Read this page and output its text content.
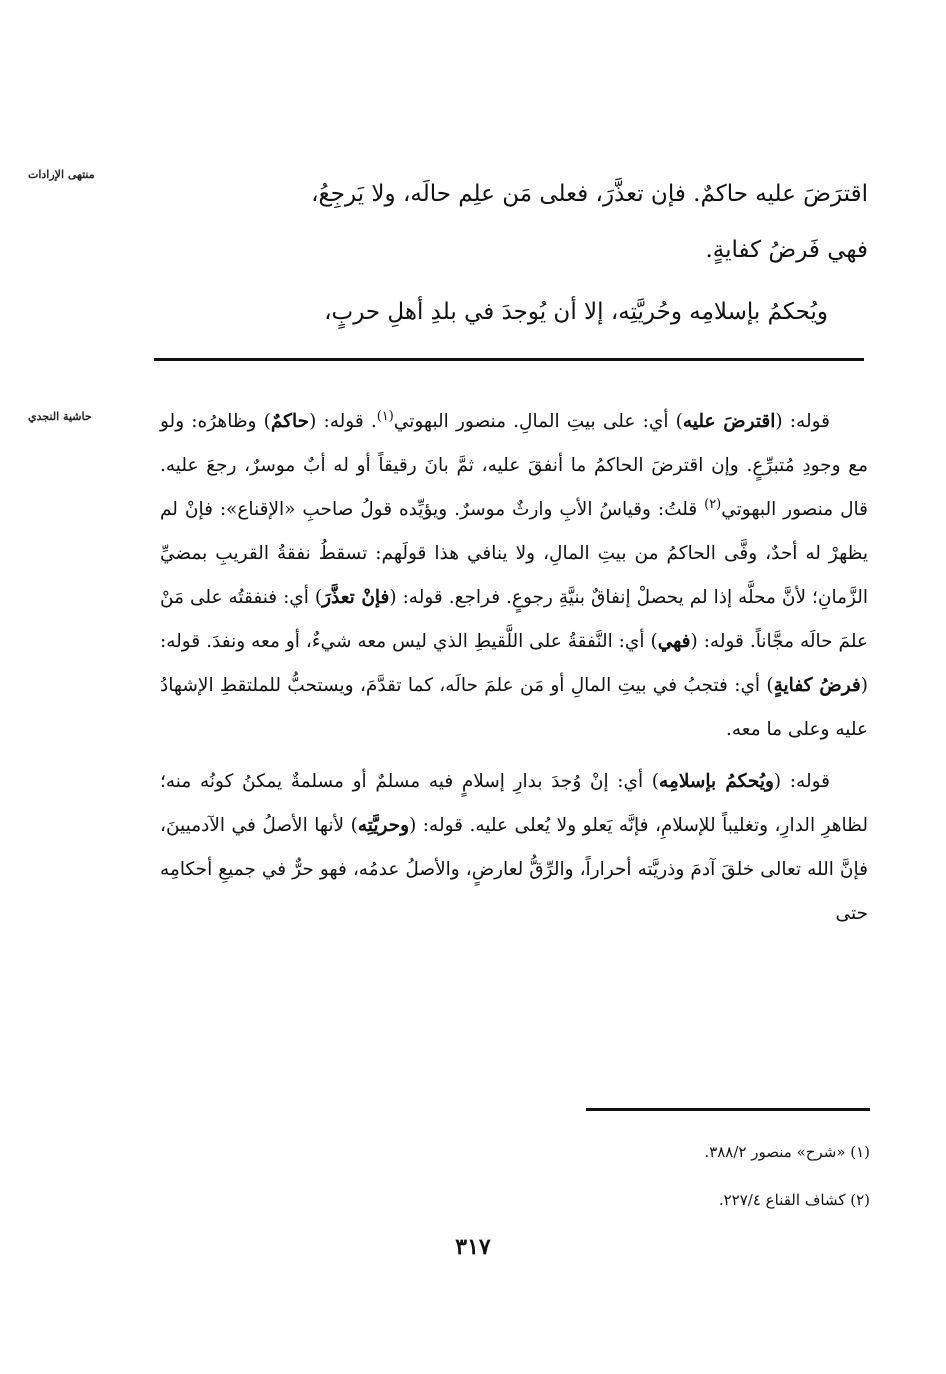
منتهى الإرادات
حاشية النجدي

اقترَضَ عليه حاكمٌ. فإن تعذَّرَ، فعلى مَن علِم حالَه، ولا يَرجِعُ،

فهي فَرضُ كفايةٍ.

ويُحكمُ بإسلامِه وحُريَّتِه، إلا أن يُوجدَ في بلدِ أهلِ حربٍ،

قوله: (اقترضَ عليه) أي: على بيتِ المالِ. منصور البهوتي$^{(١)}$. قوله: (حاكمٌ) وظاهرُه: ولو مع وجودِ مُتبرِّعٍ. وإن اقترضَ الحاكمُ ما أنفقَ عليه، ثمَّ بانَ رقيقاً أو له أبٌ موسرٌ، رجعَ عليه. قال منصور البهوتي$^{(٢)}$ قلتُ: وقياسُ الأبِ وارثٌ موسرٌ. ويؤيِّده قولُ صاحبِ «الإقناع»: فإنْ لم يظهرْ له أحدٌ، وفَّى الحاكمُ من بيتِ المالِ، ولا ينافي هذا قولَهم: تسقطُ نفقةُ القريبِ بمضيِّ الزَّمانِ؛ لأنَّ محلَّه إذا لم يحصلْ إنفاقٌ بنيَّةِ رجوعٍ. فراجع. قوله: (فإنْ تعذَّرَ) أي: فنفقتُه على مَنْ علمَ حالَه مجَّاناً. قوله: (فهي) أي: النَّفقةُ على اللَّقيطِ الذي ليس معه شيءٌ، أو معه ونفدَ. قوله: (فرضُ كفايةٍ) أي: فتجبُ في بيتِ المالِ أو مَن علمَ حالَه، كما تقدَّمَ، ويستحبُّ للملتقطِ الإشهادُ عليه وعلى ما معه.

قوله: (ويُحكمُ بإسلامِه) أي: إنْ وُجدَ بدارِ إسلامٍ فيه مسلمٌ أو مسلمةٌ يمكنُ كونُه منه؛ لظاهرِ الدارِ، وتغليباً للإسلامِ، فإنَّه يَعلو ولا يُعلى عليه. قوله: (وحريَّتِه) لأنها الأصلُ في الآدميينَ، فإنَّ الله تعالى خلقَ آدمَ وذريَّته أحراراً، والرِّقُّ لعارضٍ، والأصلُ عدمُه، فهو حرٌّ في جميعِ أحكامِه حتى

(١) «شرح» منصور ٣٨٨/٢.
(٢) كشاف القناع ٢٢٧/٤.
٣١٧
